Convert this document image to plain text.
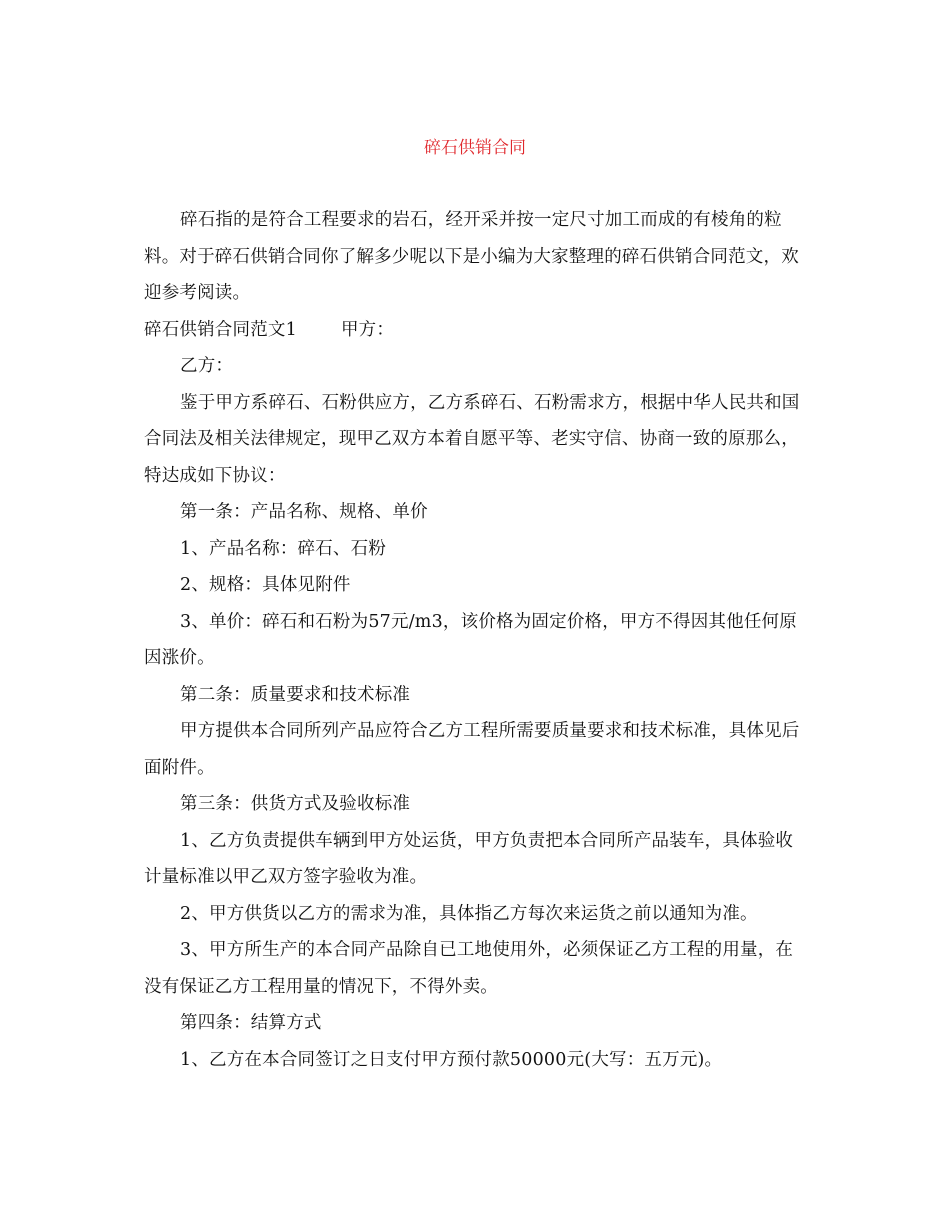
碎石供销合同

碎石指的是符合工程要求的岩石，经开采并按一定尺寸加工而成的有棱角的粒料。对于碎石供销合同你了解多少呢以下是小编为大家整理的碎石供销合同范文，欢迎参考阅读。

碎石供销合同范文1	甲方：

乙方：

鉴于甲方系碎石、石粉供应方，乙方系碎石、石粉需求方，根据中华人民共和国合同法及相关法律规定，现甲乙双方本着自愿平等、老实守信、协商一致的原那么，特达成如下协议：

第一条：产品名称、规格、单价

1、产品名称：碎石、石粉

2、规格：具体见附件

3、单价：碎石和石粉为57元/m3，该价格为固定价格，甲方不得因其他任何原因涨价。

第二条：质量要求和技术标准

甲方提供本合同所列产品应符合乙方工程所需要质量要求和技术标准，具体见后面附件。

第三条：供货方式及验收标准

1、乙方负责提供车辆到甲方处运货，甲方负责把本合同所产品装车，具体验收计量标准以甲乙双方签字验收为准。

2、甲方供货以乙方的需求为准，具体指乙方每次来运货之前以通知为准。

3、甲方所生产的本合同产品除自已工地使用外，必须保证乙方工程的用量，在没有保证乙方工程用量的情况下，不得外卖。

第四条：结算方式

1、乙方在本合同签订之日支付甲方预付款50000元(大写：五万元)。
